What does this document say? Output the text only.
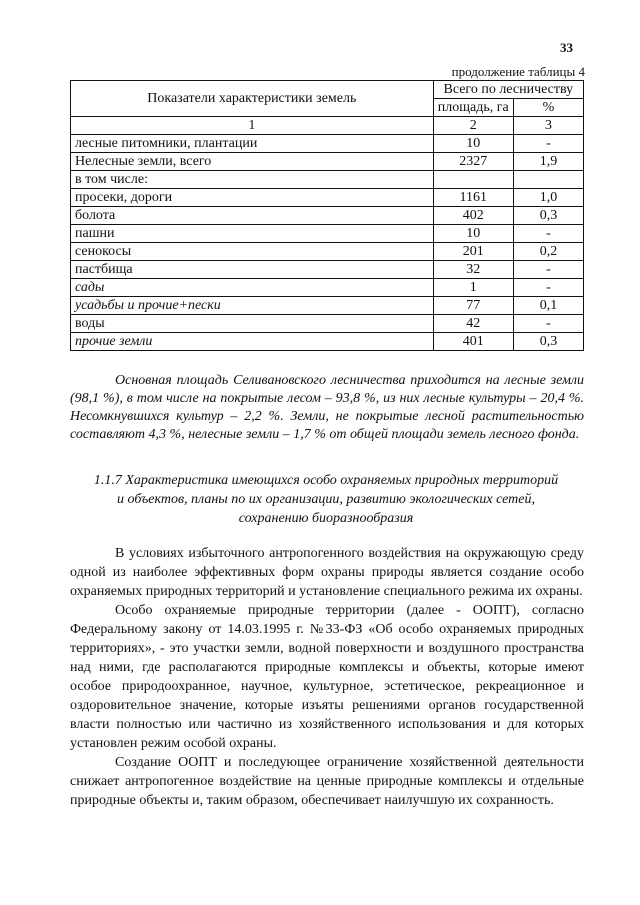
33
продолжение таблицы 4
Показатели характеристики земель	Всего по лесничеству	
	площадь, га	%
1	2	3
лесные питомники, плантации	10	-
Нелесные земли, всего	2327	1,9
в том числе:		
просеки, дороги	1161	1,0
болота	402	0,3
пашни	10	-
сенокосы	201	0,2
пастбища	32	-
сады	1	-
усадьбы и прочие+пески	77	0,1
воды	42	-
прочие земли	401	0,3

Основная площадь Селивановского лесничества приходится на лесные земли (98,1 %), в том числе на покрытые лесом – 93,8 %, из них лесные культуры – 20,4 %. Несомкнувшихся культур – 2,2 %. Земли, не покрытые лесной растительностью составляют 4,3 %, нелесные земли – 1,7 % от общей площади земель лесного фонда.

1.1.7 Характеристика имеющихся особо охраняемых природных территорий
и объектов, планы по их организации, развитию экологических сетей,
сохранению биоразнообразия

В условиях избыточного антропогенного воздействия на окружающую среду одной из наиболее эффективных форм охраны природы является создание особо охраняемых природных территорий и установление специального режима их охраны.

Особо охраняемые природные территории (далее - ООПТ), согласно Федеральному закону от 14.03.1995 г. №33-ФЗ «Об особо охраняемых природных территориях», - это участки земли, водной поверхности и воздушного пространства над ними, где располагаются природные комплексы и объекты, которые имеют особое природоохранное, научное, культурное, эстетическое, рекреационное и оздоровительное значение, которые изъяты решениями органов государственной власти полностью или частично из хозяйственного использования и для которых установлен режим особой охраны.

Создание ООПТ и последующее ограничение хозяйственной деятельности снижает антропогенное воздействие на ценные природные комплексы и отдельные природные объекты и, таким образом, обеспечивает наилучшую их сохранность.
